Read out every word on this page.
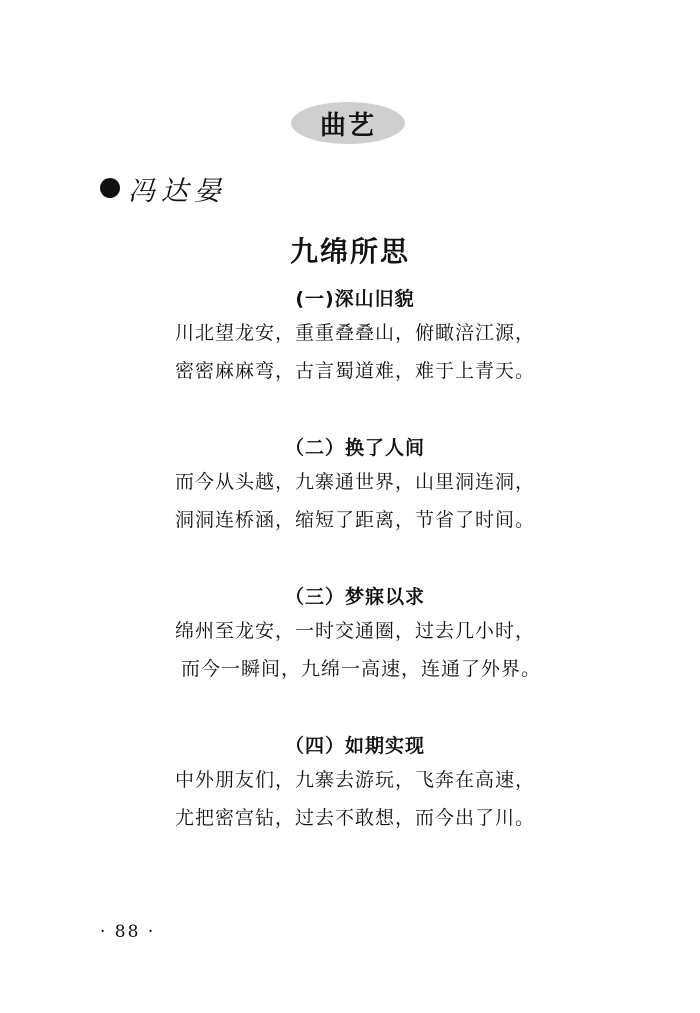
曲艺
冯达晏
九绵所思
(一)深山旧貌
川北望龙安，重重叠叠山，俯瞰涪江源，
密密麻麻弯，古言蜀道难，难于上青天。
（二）换了人间
而今从头越，九寨通世界，山里洞连洞，
洞洞连桥涵，缩短了距离，节省了时间。
（三）梦寐以求
绵州至龙安，一时交通圈，过去几小时，
而今一瞬间，九绵一高速，连通了外界。
（四）如期实现
中外朋友们，九寨去游玩，飞奔在高速，
尤把密宫钻，过去不敢想，而今出了川。
· 88 ·
